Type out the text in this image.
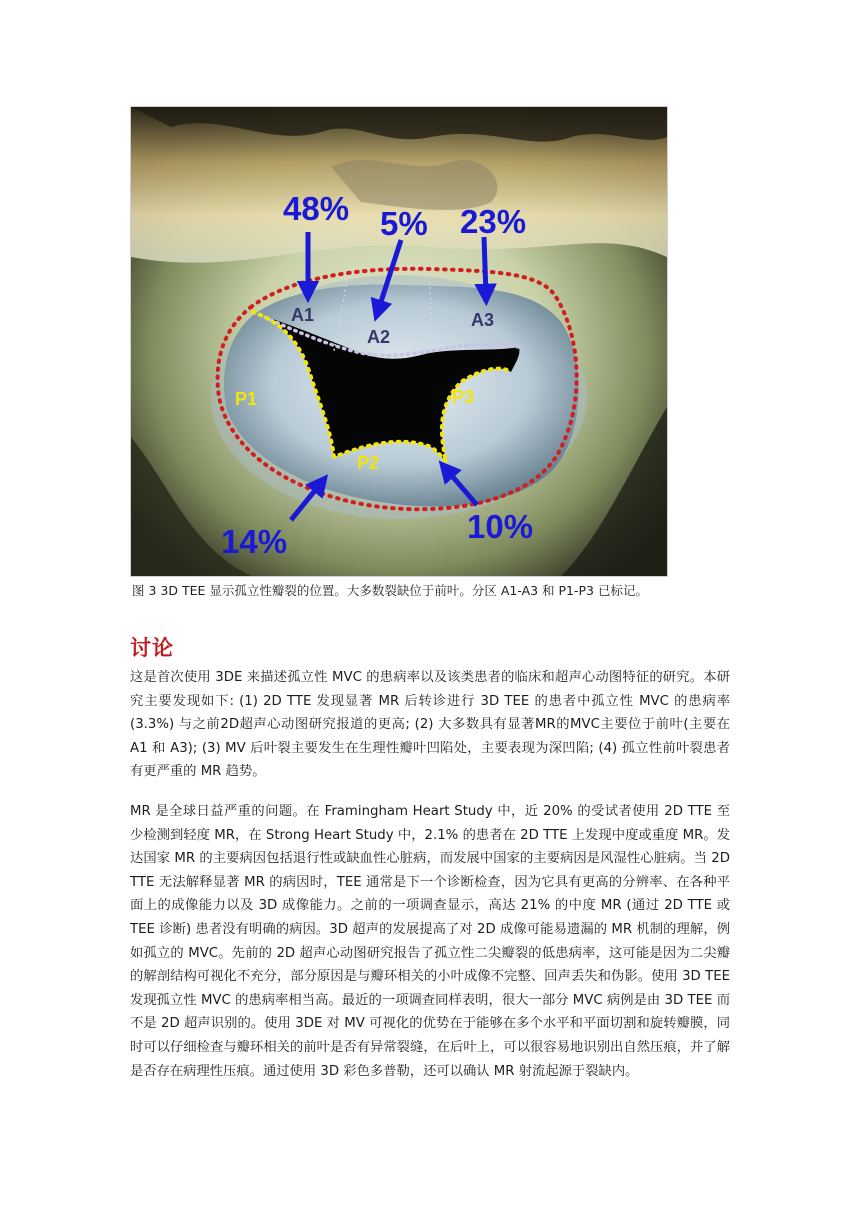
A1
A2
A3
P1
P2
P3
48% 5% 23%
14%	10%

图 3 3D TEE 显示孤立性瓣裂的位置。大多数裂缺位于前叶。分区 A1-A3 和 P1-P3 已标记。

讨论

这是首次使用 3DE 来描述孤立性 MVC 的患病率以及该类患者的临床和超声心动图特征的研究。本研究主要发现如下: (1) 2D TTE 发现显著 MR 后转诊进行 3D TEE 的患者中孤立性 MVC 的患病率 (3.3%) 与之前2D超声心动图研究报道的更高; (2) 大多数具有显著MR的MVC主要位于前叶(主要在 A1 和 A3); (3) MV 后叶裂主要发生在生理性瓣叶凹陷处，主要表现为深凹陷; (4) 孤立性前叶裂患者有更严重的 MR 趋势。

MR 是全球日益严重的问题。在 Framingham Heart Study 中，近 20% 的受试者使用 2D TTE 至少检测到轻度 MR，在 Strong Heart Study 中，2.1% 的患者在 2D TTE 上发现中度或重度 MR。发达国家 MR 的主要病因包括退行性或缺血性心脏病，而发展中国家的主要病因是风湿性心脏病。当 2D TTE 无法解释显著 MR 的病因时，TEE 通常是下一个诊断检查，因为它具有更高的分辨率、在各种平面上的成像能力以及 3D 成像能力。之前的一项调查显示，高达 21% 的中度 MR (通过 2D TTE 或 TEE 诊断) 患者没有明确的病因。3D 超声的发展提高了对 2D 成像可能易遗漏的 MR 机制的理解，例如孤立的 MVC。先前的 2D 超声心动图研究报告了孤立性二尖瓣裂的低患病率，这可能是因为二尖瓣的解剖结构可视化不充分，部分原因是与瓣环相关的小叶成像不完整、回声丢失和伪影。使用 3D TEE 发现孤立性 MVC 的患病率相当高。最近的一项调查同样表明，很大一部分 MVC 病例是由 3D TEE 而不是 2D 超声识别的。使用 3DE 对 MV 可视化的优势在于能够在多个水平和平面切割和旋转瓣膜，同时可以仔细检查与瓣环相关的前叶是否有异常裂缝，在后叶上，可以很容易地识别出自然压痕，并了解是否存在病理性压痕。通过使用 3D 彩色多普勒，还可以确认 MR 射流起源于裂缺内。
